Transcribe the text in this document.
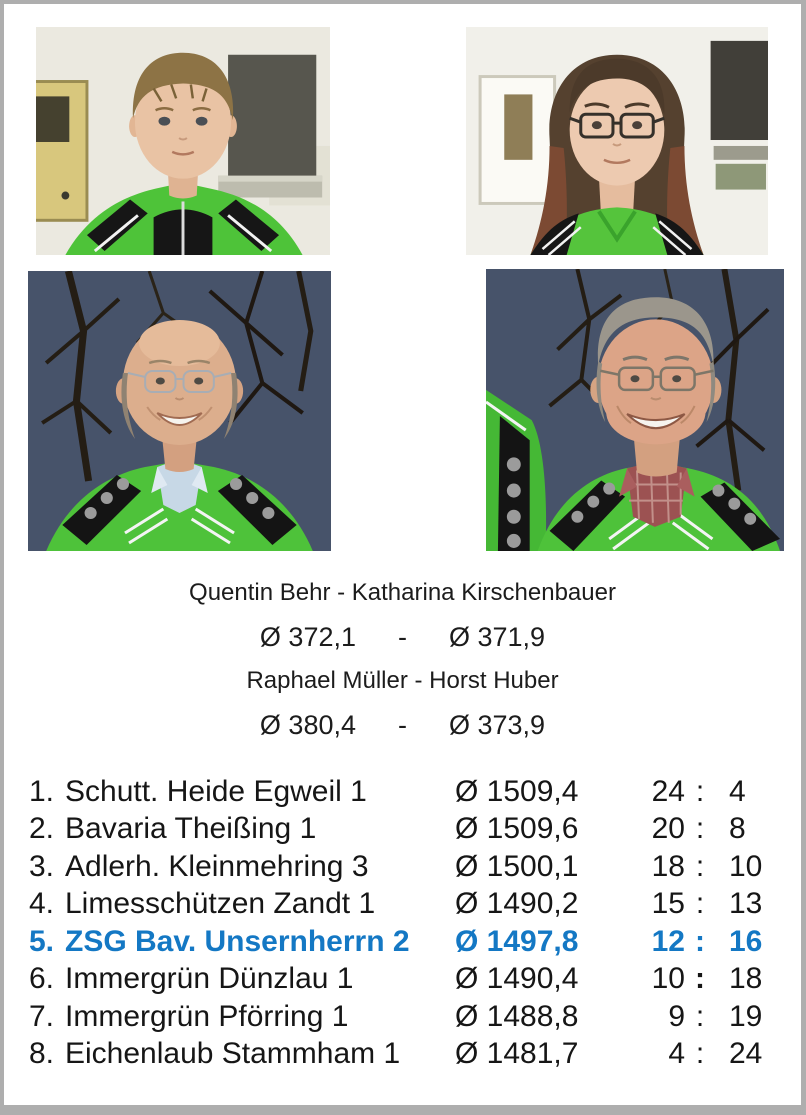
Quentin Behr - Katharina Kirschenbauer
Ø 372,1 - Ø 371,9
Raphael Müller - Horst Huber
Ø 380,4 - Ø 373,9
1. Schutt. Heide Egweil 1	Ø 1509,4	24 : 4
2. Bavaria Theißing 1	Ø 1509,6	20 : 8
3. Adlerh. Kleinmehring 3	Ø 1500,1	18 : 10
4. Limesschützen Zandt 1	Ø 1490,2	15 : 13
5. ZSG Bav. Unsernherrn 2	Ø 1497,8	12 : 16
6. Immergrün Dünzlau 1	Ø 1490,4	10 : 18
7. Immergrün Pförring 1	Ø 1488,8	9 : 19
8. Eichenlaub Stammham 1	Ø 1481,7	4 : 24
